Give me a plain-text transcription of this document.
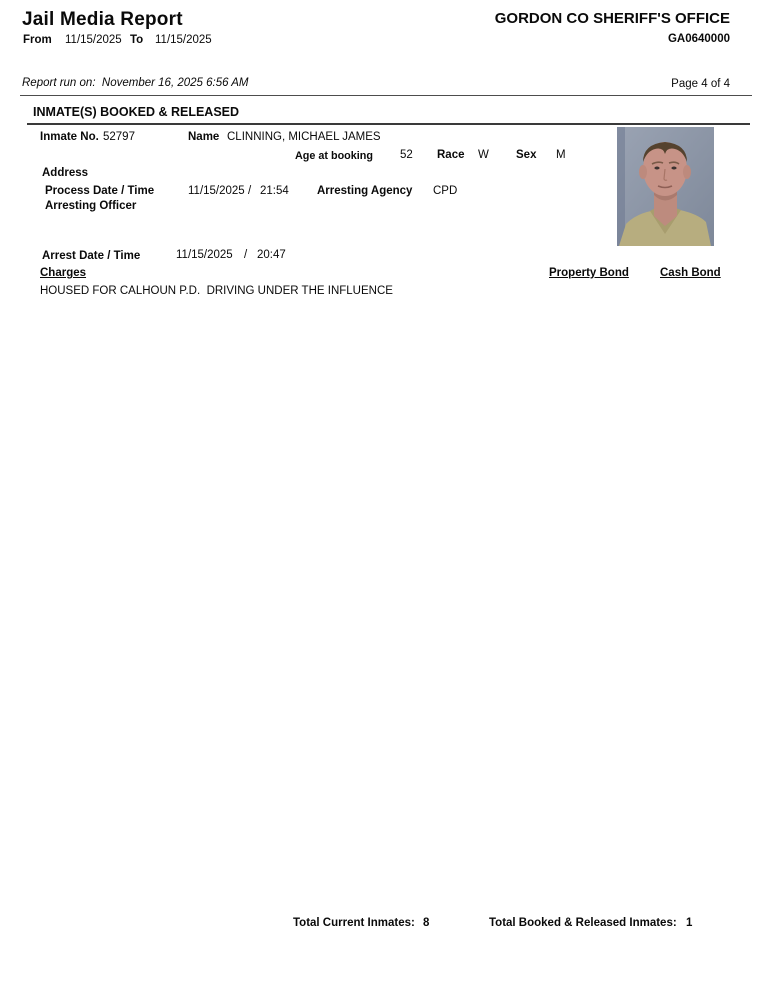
Jail Media Report
From 11/15/2025 To 11/15/2025
GORDON CO SHERIFF'S OFFICE
GA0640000
Report run on: November 16, 2025 6:56 AM	Page 4 of 4
INMATE(S) BOOKED & RELEASED
Inmate No. 52797	Name CLINNING, MICHAEL JAMES
Age at booking 52 Race W Sex M
Address
Process Date / Time	11/15/2025 / 21:54 Arresting Agency CPD
Arresting Officer
Arrest Date / Time	11/15/2025 / 20:47
Charges	Property Bond	Cash Bond
HOUSED FOR CALHOUN P.D.  DRIVING UNDER THE INFLUENCE
Total Current Inmates: 8	Total Booked & Released Inmates: 1
